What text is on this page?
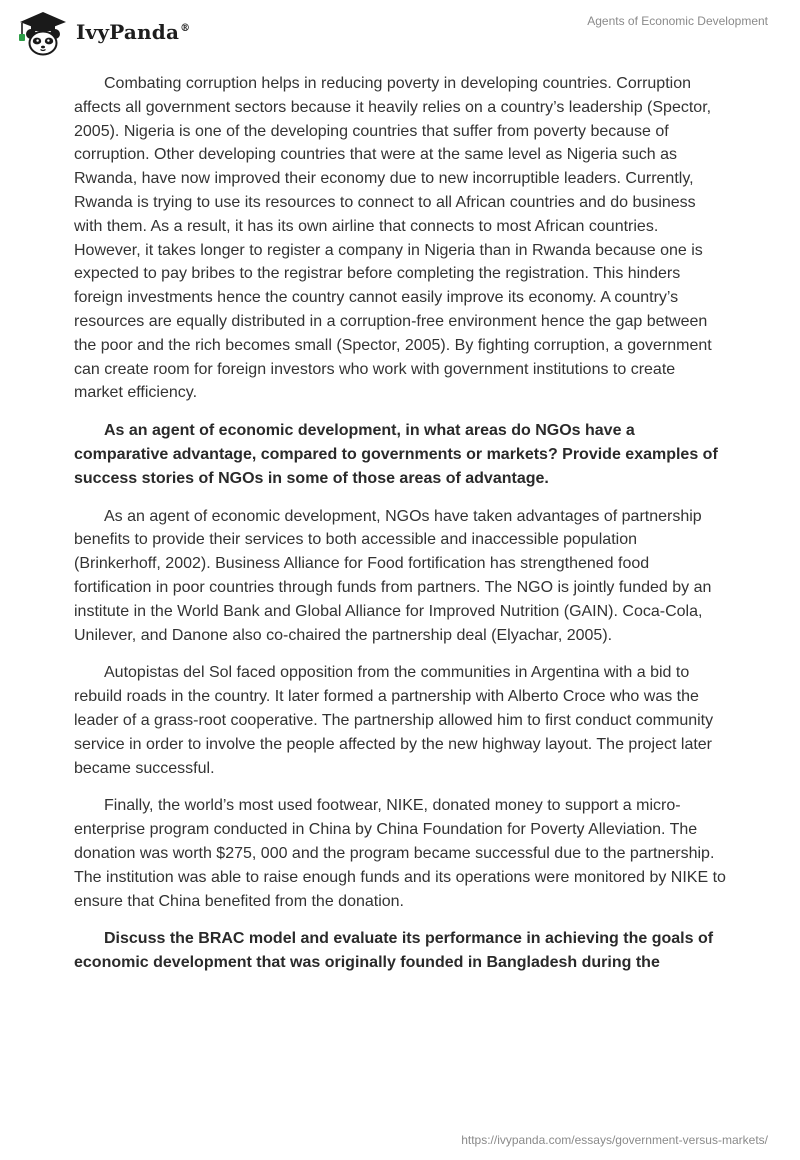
IvyPanda®
Agents of Economic Development

Combating corruption helps in reducing poverty in developing countries. Corruption affects all government sectors because it heavily relies on a country’s leadership (Spector, 2005). Nigeria is one of the developing countries that suffer from poverty because of corruption. Other developing countries that were at the same level as Nigeria such as Rwanda, have now improved their economy due to new incorruptible leaders. Currently, Rwanda is trying to use its resources to connect to all African countries and do business with them. As a result, it has its own airline that connects to most African countries. However, it takes longer to register a company in Nigeria than in Rwanda because one is expected to pay bribes to the registrar before completing the registration. This hinders foreign investments hence the country cannot easily improve its economy. A country’s resources are equally distributed in a corruption-free environment hence the gap between the poor and the rich becomes small (Spector, 2005). By fighting corruption, a government can create room for foreign investors who work with government institutions to create market efficiency.

As an agent of economic development, in what areas do NGOs have a comparative advantage, compared to governments or markets? Provide examples of success stories of NGOs in some of those areas of advantage.

As an agent of economic development, NGOs have taken advantages of partnership benefits to provide their services to both accessible and inaccessible population (Brinkerhoff, 2002). Business Alliance for Food fortification has strengthened food fortification in poor countries through funds from partners. The NGO is jointly funded by an institute in the World Bank and Global Alliance for Improved Nutrition (GAIN). Coca-Cola, Unilever, and Danone also co-chaired the partnership deal (Elyachar, 2005).

Autopistas del Sol faced opposition from the communities in Argentina with a bid to rebuild roads in the country. It later formed a partnership with Alberto Croce who was the leader of a grass-root cooperative. The partnership allowed him to first conduct community service in order to involve the people affected by the new highway layout. The project later became successful.

Finally, the world’s most used footwear, NIKE, donated money to support a micro-enterprise program conducted in China by China Foundation for Poverty Alleviation. The donation was worth $275, 000 and the program became successful due to the partnership. The institution was able to raise enough funds and its operations were monitored by NIKE to ensure that China benefited from the donation.

Discuss the BRAC model and evaluate its performance in achieving the goals of economic development that was originally founded in Bangladesh during the

https://ivypanda.com/essays/government-versus-markets/
